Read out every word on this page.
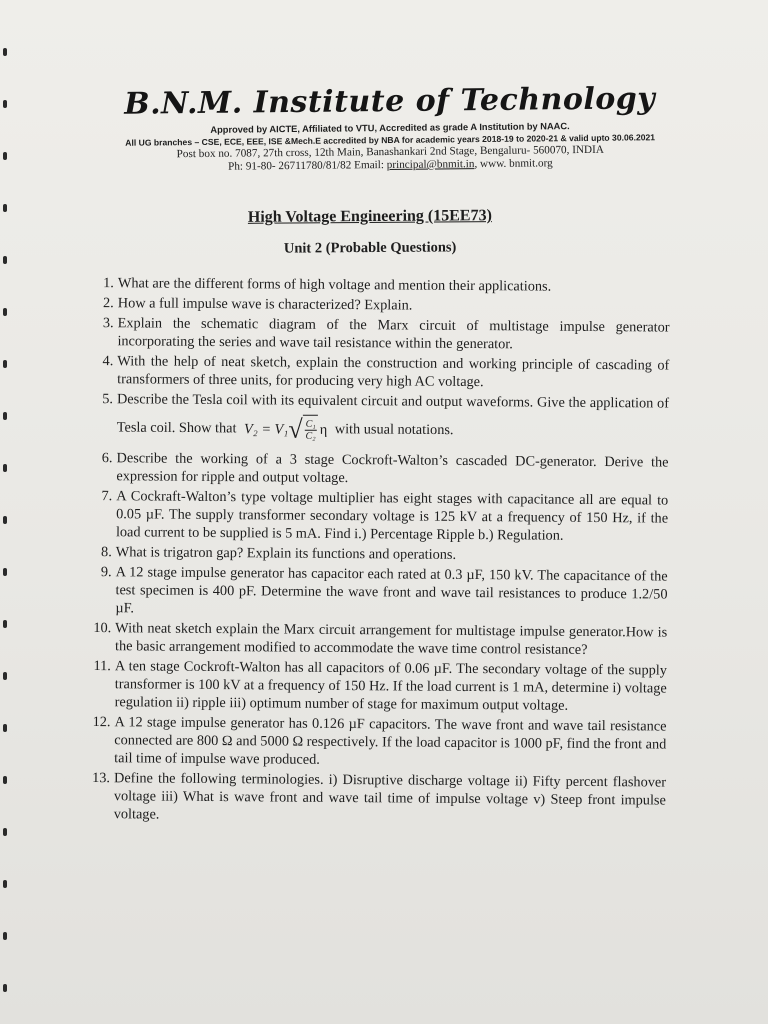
B.N.M. Institute of Technology

Approved by AICTE, Affiliated to VTU, Accredited as grade A Institution by NAAC.

All UG branches – CSE, ECE, EEE, ISE &Mech.E accredited by NBA for academic years 2018-19 to 2020-21 & valid upto 30.06.2021

Post box no. 7087, 27th cross, 12th Main, Banashankari 2nd Stage, Bengaluru- 560070, INDIA

Ph: 91-80- 26711780/81/82 Email: principal@bnmit.in, www. bnmit.org

High Voltage Engineering (15EE73)

Unit 2 (Probable Questions)

1. What are the different forms of high voltage and mention their applications.
2. How a full impulse wave is characterized? Explain.
3. Explain the schematic diagram of the Marx circuit of multistage impulse generator incorporating the series and wave tail resistance within the generator.
4. With the help of neat sketch, explain the construction and working principle of cascading of transformers of three units, for producing very high AC voltage.
5. Describe the Tesla coil with its equivalent circuit and output waveforms. Give the application of Tesla coil. Show that V₂ = V₁ √ $\frac{\text{C₁}}{\text{C₂}}$ η with usual notations.
6. Describe the working of a 3 stage Cockroft-Walton’s cascaded DC-generator. Derive the expression for ripple and output voltage.
7. A Cockraft-Walton’s type voltage multiplier has eight stages with capacitance all are equal to 0.05 µF. The supply transformer secondary voltage is 125 kV at a frequency of 150 Hz, if the load current to be supplied is 5 mA. Find i.) Percentage Ripple b.) Regulation.
8. What is trigatron gap? Explain its functions and operations.
9. A 12 stage impulse generator has capacitor each rated at 0.3 µF, 150 kV. The capacitance of the test specimen is 400 pF. Determine the wave front and wave tail resistances to produce 1.2/50 µF.
10. With neat sketch explain the Marx circuit arrangement for multistage impulse generator.How is the basic arrangement modified to accommodate the wave time control resistance?
11. A ten stage Cockroft-Walton has all capacitors of 0.06 µF. The secondary voltage of the supply transformer is 100 kV at a frequency of 150 Hz. If the load current is 1 mA, determine i) voltage regulation ii) ripple iii) optimum number of stage for maximum output voltage.
12. A 12 stage impulse generator has 0.126 µF capacitors. The wave front and wave tail resistance connected are 800 Ω and 5000 Ω respectively. If the load capacitor is 1000 pF, find the front and tail time of impulse wave produced.
13. Define the following terminologies. i) Disruptive discharge voltage ii) Fifty percent flashover voltage iii) What is wave front and wave tail time of impulse voltage v) Steep front impulse voltage.
